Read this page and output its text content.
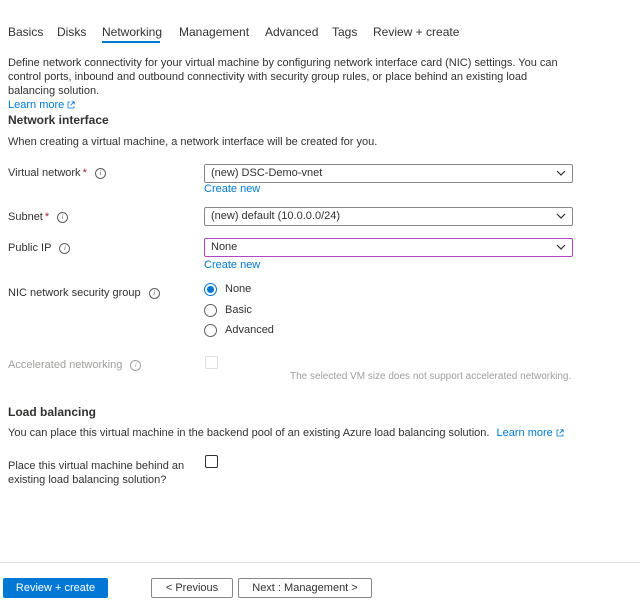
Basics Disks Networking Management Advanced Tags Review + create
Define network connectivity for your virtual machine by configuring network interface card (NIC) settings. You can control ports, inbound and outbound connectivity with security group rules, or place behind an existing load balancing solution.
Learn more
Network interface
When creating a virtual machine, a network interface will be created for you.
Virtual network * i	(new) DSC-Demo-vnet
Create new
Subnet * i	(new) default (10.0.0.0/24)
Public IP i	None
Create new
NIC network security group i	None
Basic
Advanced
Accelerated networking i
The selected VM size does not support accelerated networking.
Load balancing
You can place this virtual machine in the backend pool of an existing Azure load balancing solution. Learn more
Place this virtual machine behind an
existing load balancing solution?
Review + create	< Previous	Next : Management >
